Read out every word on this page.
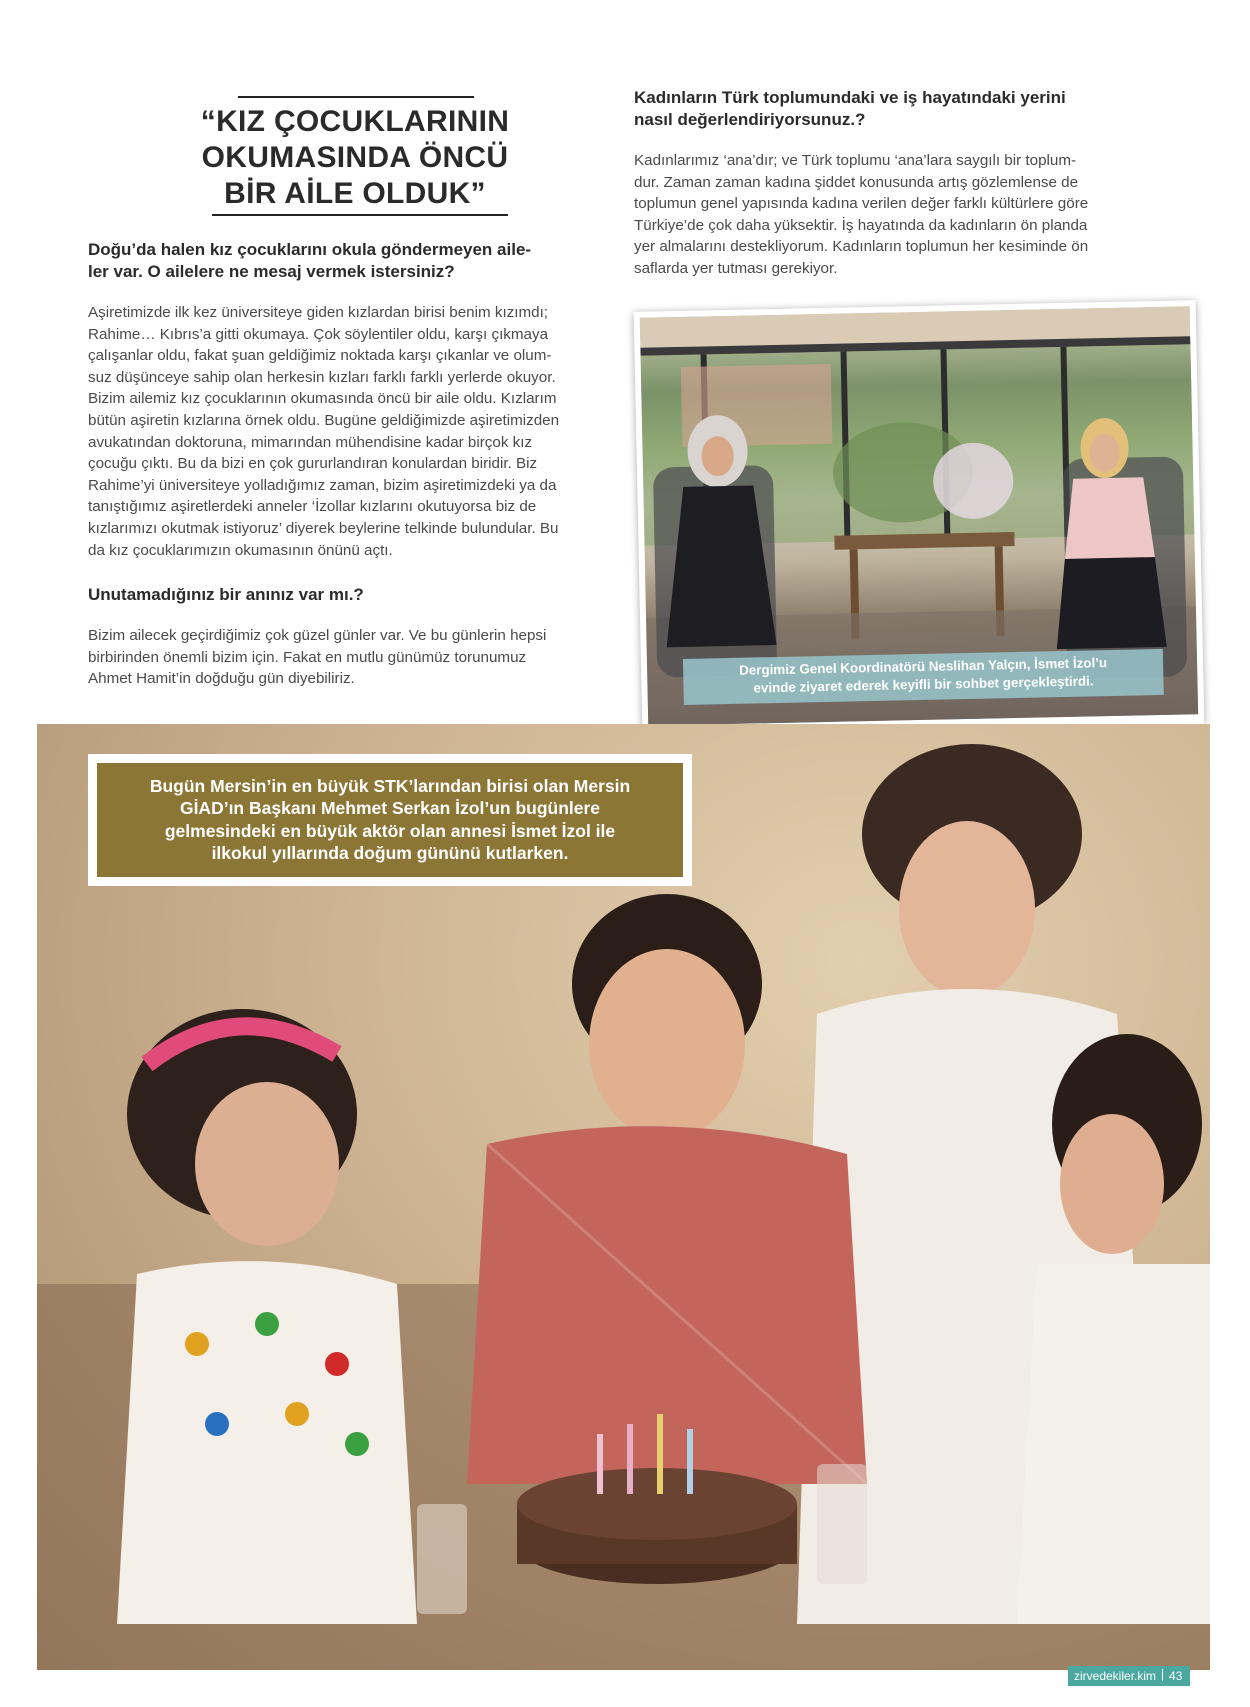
“KIZ ÇOCUKLARININ
OKUMASINDA ÖNCÜ
BİR AİLE OLDUK”
Doğu’da halen kız çocuklarını okula göndermeyen aile-
ler var. O ailelere ne mesaj vermek istersiniz?
Aşiretimizde ilk kez üniversiteye giden kızlardan birisi benim kızımdı;
Rahime… Kıbrıs’a gitti okumaya. Çok söylentiler oldu, karşı çıkmaya
çalışanlar oldu, fakat şuan geldiğimiz noktada karşı çıkanlar ve olum-
suz düşünceye sahip olan herkesin kızları farklı farklı yerlerde okuyor.
Bizim ailemiz kız çocuklarının okumasında öncü bir aile oldu. Kızlarım
bütün aşiretin kızlarına örnek oldu. Bugüne geldiğimizde aşiretimizden
avukatından doktoruna, mimarından mühendisine kadar birçok kız
çocuğu çıktı. Bu da bizi en çok gururlandıran konulardan biridir. Biz
Rahime’yi üniversiteye yolladığımız zaman, bizim aşiretimizdeki ya da
tanıştığımız aşiretlerdeki anneler ‘İzollar kızlarını okutuyorsa biz de
kızlarımızı okutmak istiyoruz’ diyerek beylerine telkinde bulundular. Bu
da kız çocuklarımızın okumasının önünü açtı.
Unutamadığınız bir anınız var mı.?
Bizim ailecek geçirdiğimiz çok güzel günler var. Ve bu günlerin hepsi
birbirinden önemli bizim için. Fakat en mutlu günümüz torunumuz
Ahmet Hamit’in doğduğu gün diyebiliriz.
Kadınların Türk toplumundaki ve iş hayatındaki yerini
nasıl değerlendiriyorsunuz.?
Kadınlarımız ‘ana’dır; ve Türk toplumu ‘ana’lara saygılı bir toplum-
dur. Zaman zaman kadına şiddet konusunda artış gözlemlense de
toplumun genel yapısında kadına verilen değer farklı kültürlere göre
Türkiye’de çok daha yüksektir. İş hayatında da kadınların ön planda
yer almalarını destekliyorum. Kadınların toplumun her kesiminde ön
saflarda yer tutması gerekiyor.
Dergimiz Genel Koordinatörü Neslihan Yalçın, İsmet İzol’u
evinde ziyaret ederek keyifli bir sohbet gerçekleştirdi.
Bugün Mersin’in en büyük STK’larından birisi olan Mersin
GİAD’ın Başkanı Mehmet Serkan İzol’un bugünlere
gelmesindeki en büyük aktör olan annesi İsmet İzol ile
ilkokul yıllarında doğum gününü kutlarken.
zirvedekiler.kim 43
